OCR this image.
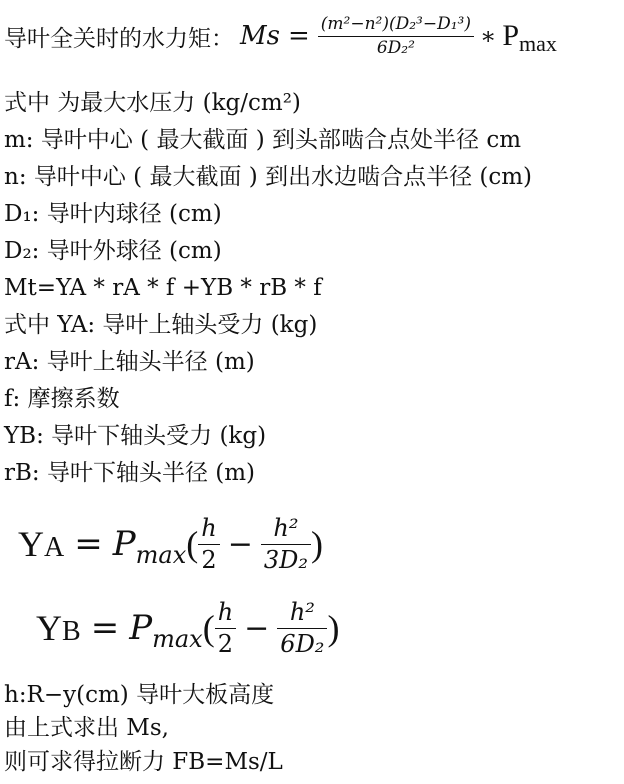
导叶全关时的水力矩： $Ms = \frac{\text{(m²−n²)(D₂³−D₁³)}}{\text{6D₂²}}$ ∗ $P_{max}$
式中 为最大水压力 (kg/cm²)
m: 导叶中心 ( 最大截面 ) 到头部啮合点处半径 cm
n: 导叶中心 ( 最大截面 ) 到出水边啮合点半径 (cm)
D₁: 导叶内球径 (cm)
D₂: 导叶外球径 (cm)
Mt=YA * rA * f +YB * rB * f
式中 YA: 导叶上轴头受力 (kg)
rA: 导叶上轴头半径 (m)
f: 摩擦系数
YB: 导叶下轴头受力 (kg)
rB: 导叶下轴头半径 (m)
YA = $P_{max}$ ( $\frac{h}{2} - \frac{\text{h²}}{\text{3D₂}}$ )
YB = $P_{max}$ ( $\frac{h}{2} - \frac{\text{h²}}{\text{6D₂}}$ )
h:R−y(cm) 导叶大板高度
由上式求出 Ms,
则可求得拉断力 FB=Ms/L
